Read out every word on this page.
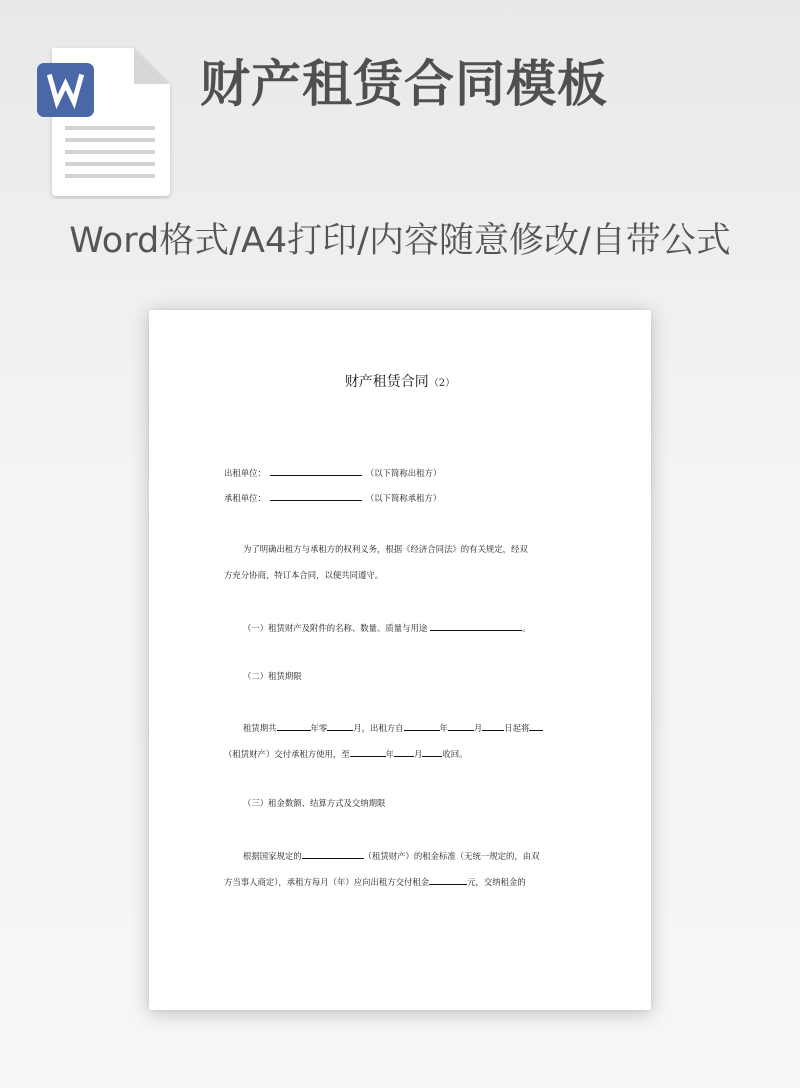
财产租赁合同模板

Word格式/A4打印/内容随意修改/自带公式

财产租赁合同（2）
出租单位：	（以下简称出租方）
承租单位：	（以下简称承租方）
为了明确出租方与承租方的权利义务，根据《经济合同法》的有关规定，经双
方充分协商，特订本合同，以便共同遵守。
（一）租赁财产及附件的名称、数量、质量与用途	。
（二）租赁期限
租赁期共	年零	月，出租方自	年	月	日起将
（租赁财产）交付承租方使用，至	年 月 收回。
（三）租金数额、结算方式及交纳期限
根据国家规定的	（租赁财产）的租金标准（无统一规定的，由双
方当事人商定），承租方每月（年）应向出租方交付租金	元，交纳租金的
